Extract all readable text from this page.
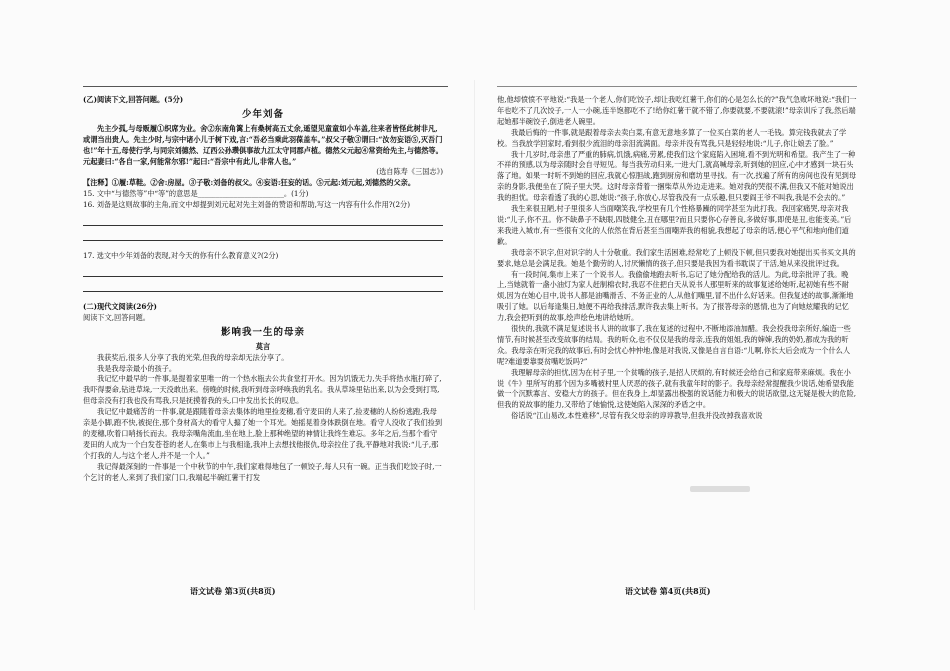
(乙)阅读下文,回答问题。(5分)

少年刘备

先主少孤,与母贩履①织席为业。舍②东南角篱上有桑树高五丈余,遥望见童童如小车盖,往来者皆怪此树非凡,或谓当出贵人。先主少时,与宗中诸小儿于树下戏,言:“吾必当乘此羽葆盖车。”叔父子敬③谓曰:“汝勿妄语⑤,灭吾门也!”年十五,母使行学,与同宗刘德然、辽西公孙瓒俱事故九江太守同郡卢植。德然父元起④常资给先主,与德然等。元起妻曰:“各自一家,何能常尔邪!”起曰:“吾宗中有此儿,非常人也。”

(选自陈寿《三国志》)

【注释】①履:草鞋。②舍:房屋。③子敬:刘备的叔父。④妄语:狂妄的话。⑤元起:刘元起,刘德然的父亲。

15. 文中“与德然等”中“等”的意思是________________________。(1分)

16. 刘备是这则故事的主角,而文中却提到刘元起对先主刘备的赞语和帮助,写这一内容有什么作用?(2分)

17. 选文中少年刘备的表现,对今天的你有什么教育意义?(2分)

(二)现代文阅读(26分)

阅读下文,回答问题。

影响我一生的母亲
莫言

我获奖后,很多人分享了我的光荣,但我的母亲却无法分享了。

我是我母亲最小的孩子。

我记忆中最早的一件事,是提着家里唯一的一个热水瓶去公共食堂打开水。因为饥饿无力,失手将热水瓶打碎了,我吓得要命,钻进草垛,一天没敢出来。傍晚的时候,我听到母亲呼唤我的乳名。我从草垛里钻出来,以为会受到打骂,但母亲没有打我也没有骂我,只是抚摸着我的头,口中发出长长的叹息。

我记忆中最痛苦的一件事,就是跟随着母亲去集体的地里捡麦穗,看守麦田的人来了,捡麦穗的人纷纷逃跑,我母亲是小脚,跑不快,被捉住,那个身材高大的看守人搧了她一个耳光。她摇晃着身体跌倒在地。看守人没收了我们捡到的麦穗,吹着口哨扬长而去。我母亲嘴角流血,坐在地上,脸上那种绝望的神情让我终生难忘。多年之后,当那个看守麦田的人成为一个白发苍苍的老人,在集市上与我相逢,我冲上去想找他报仇,母亲拉住了我,平静地对我说:“儿子,那个打我的人,与这个老人,并不是一个人。”

我记得最深刻的一件事是一个中秋节的中午,我们家难得地包了一顿饺子,每人只有一碗。正当我们吃饺子时,一个乞讨的老人,来到了我们家门口,我端起半碗红薯干打发

语文试卷 第3页(共8页)

他,他却愤愤不平地说:“我是一个老人,你们吃饺子,却让我吃红薯干,你们的心是怎么长的?”我气急败坏地说:“我们一年也吃不了几次饺子,一人一小碗,连半饱都吃不了!给你红薯干就不错了,你要就要,不要就滚!”母亲训斥了我,然后端起她那半碗饺子,倒进老人碗里。

我最后悔的一件事,就是跟着母亲去卖白菜,有意无意地多算了一位买白菜的老人一毛钱。算完钱我就去了学校。当我放学回家时,看到很少流泪的母亲泪流满面。母亲并没有骂我,只是轻轻地说:“儿子,你让娘丢了脸。”

我十几岁时,母亲患了严重的肺病,饥饿,病痛,劳累,使我们这个家庭陷入困境,看不到光明和希望。我产生了一种不祥的预感,以为母亲随时会自寻短见。每当我劳动归来,一进大门,就高喊母亲,听到她的回应,心中才感到一块石头落了地。如果一时听不到她的回应,我就心惊胆战,跑到厨房和磨坊里寻找。有一次,找遍了所有的房间也没有见到母亲的身影,我便坐在了院子里大哭。这时母亲背着一捆柴草从外边走进来。她对我的哭很不满,但我又不能对她说出我的担忧。母亲看透了我的心思,她说:“孩子,你放心,尽管我没有一点乐趣,但只要阎王爷不叫我,我是不会去的。”

我生来很丑陋,村子里很多人当面嘲笑我,学校里有几个性格暴躁的同学甚至为此打我。我回家痛哭,母亲对我说:“儿子,你不丑。你不缺鼻子不缺眼,四肢健全,丑在哪里?而且只要你心存善良,多做好事,即使是丑,也能变美。”后来我进入城市,有一些很有文化的人依然在背后甚至当面嘲弄我的相貌,我想起了母亲的话,便心平气和地向他们道歉。

我母亲不识字,但对识字的人十分敬重。我们家生活困难,经常吃了上顿没下顿,但只要我对她提出买书买文具的要求,她总是会满足我。她是个勤劳的人,讨厌懒惰的孩子,但只要是我因为看书耽误了干活,她从来没批评过我。

有一段时间,集市上来了一个说书人。我偷偷地跑去听书,忘记了她分配给我的活儿。为此,母亲批评了我。晚上,当她就着一盏小油灯为家人赶制棉衣时,我忍不住把白天从说书人那里听来的故事复述给她听,起初她有些不耐烦,因为在她心目中,说书人都是油嘴滑舌、不务正业的人,从他们嘴里,冒不出什么好话来。但我复述的故事,渐渐地吸引了她。以后每逢集日,她便不再给我排活,默许我去集上听书。为了报答母亲的恩情,也为了向她炫耀我的记忆力,我会把听到的故事,绘声绘色地讲给她听。

很快的,我就不满足复述说书人讲的故事了,我在复述的过程中,不断地添油加醋。我会投我母亲所好,编造一些情节,有时候甚至改变故事的结局。我的听众,也不仅仅是我的母亲,连我的姐姐,我的婶婶,我的奶奶,都成为我的听众。我母亲在听完我的故事后,有时会忧心忡忡地,像是对我说,又像是自言自语:“儿啊,你长大后会成为一个什么人呢?难道要靠耍贫嘴吃饭吗?”

我理解母亲的担忧,因为在村子里,一个贫嘴的孩子,是招人厌烦的,有时候还会给自己和家庭带来麻烦。我在小说《牛》里所写的那个因为多嘴被村里人厌恶的孩子,就有我童年时的影子。我母亲经常提醒我少说话,她希望我能做一个沉默寡言、安稳大方的孩子。但在我身上,却显露出极强的说话能力和极大的说话欲望,这无疑是极大的危险,但我的说故事的能力,又带给了她愉悦,这使她陷入深深的矛盾之中。

俗话说“江山易改,本性难移”,尽管有我父母亲的谆谆教导,但我并没改掉我喜欢说

语文试卷 第4页(共8页)
